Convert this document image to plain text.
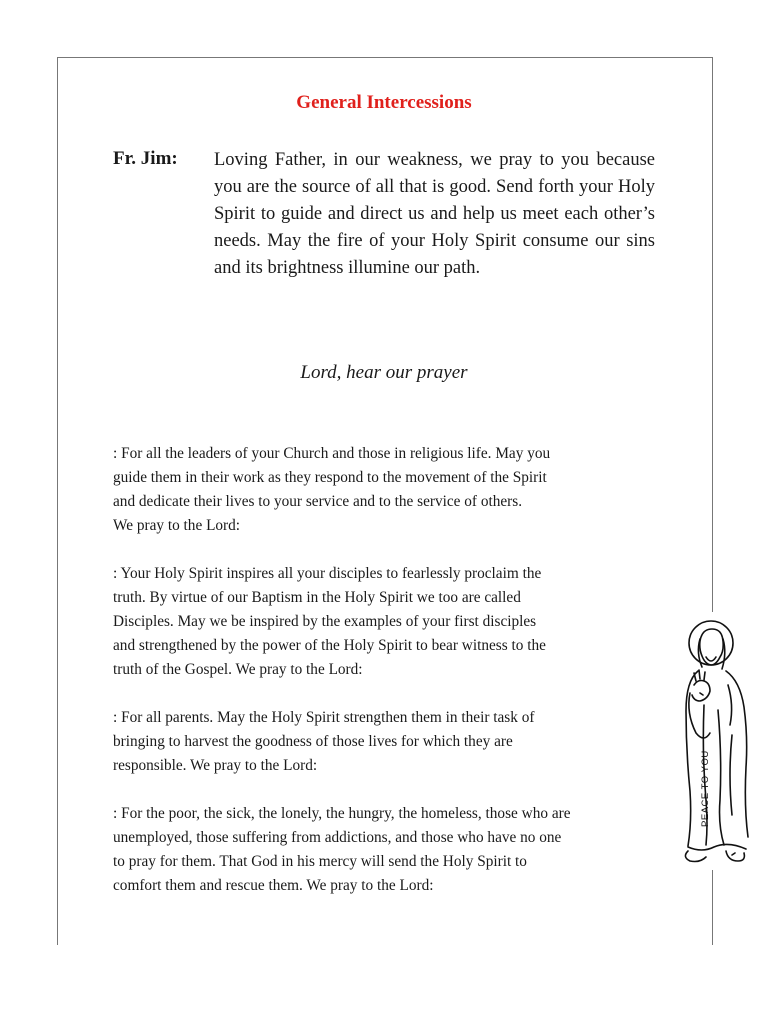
General Intercessions
Fr. Jim: Loving Father, in our weakness, we pray to you because you are the source of all that is good. Send forth your Holy Spirit to guide and direct us and help us meet each other’s needs. May the fire of your Holy Spirit consume our sins and its brightness illumine our path.
Lord, hear our prayer
: For all the leaders of your Church and those in religious life. May you
guide them in their work as they respond to the movement of the Spirit
and dedicate their lives to your service and to the service of others.
We pray to the Lord:
: Your Holy Spirit inspires all your disciples to fearlessly proclaim the
truth. By virtue of our Baptism in the Holy Spirit we too are called
Disciples. May we be inspired by the examples of your first disciples
and strengthened by the power of the Holy Spirit to bear witness to the
truth of the Gospel. We pray to the Lord:
: For all parents. May the Holy Spirit strengthen them in their task of
bringing to harvest the goodness of those lives for which they are
responsible. We pray to the Lord:
: For the poor, the sick, the lonely, the hungry, the homeless, those who are
unemployed, those suffering from addictions, and those who have no one
to pray for them. That God in his mercy will send the Holy Spirit to
comfort them and rescue them. We pray to the Lord:
PEACE TO YOU
